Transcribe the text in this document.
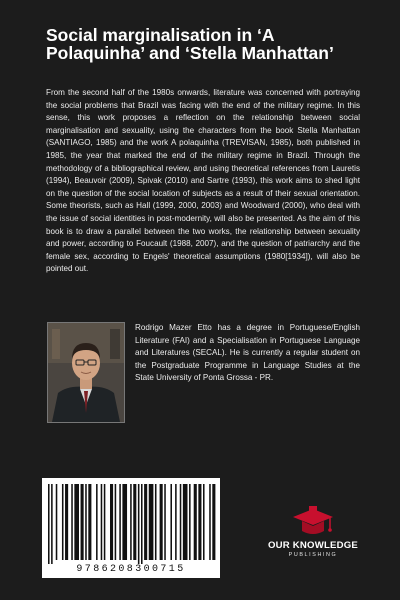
Social marginalisation in ‘A Polaquinha’ and ‘Stella Manhattan’

From the second half of the 1980s onwards, literature was concerned with portraying the social problems that Brazil was facing with the end of the military regime. In this sense, this work proposes a reflection on the relationship between social marginalisation and sexuality, using the characters from the book Stella Manhattan (SANTIAGO, 1985) and the work A polaquinha (TREVISAN, 1985), both published in 1985, the year that marked the end of the military regime in Brazil. Through the methodology of a bibliographical review, and using theoretical references from Lauretis (1994), Beauvoir (2009), Spivak (2010) and Sartre (1993), this work aims to shed light on the question of the social location of subjects as a result of their sexual orientation. Some theorists, such as Hall (1999, 2000, 2003) and Woodward (2000), who deal with the issue of social identities in post-modernity, will also be presented. As the aim of this book is to draw a parallel between the two works, the relationship between sexuality and power, according to Foucault (1988, 2007), and the question of patriarchy and the female sex, according to Engels' theoretical assumptions (1980[1934]), will also be pointed out.

Rodrigo Mazer Etto has a degree in Portuguese/English Literature (FAI) and a Specialisation in Portuguese Language and Literatures (SECAL). He is currently a regular student on the Postgraduate Programme in Language Studies at the State University of Ponta Grossa - PR.

9786208300715
OUR KNOWLEDGE
PUBLISHING
